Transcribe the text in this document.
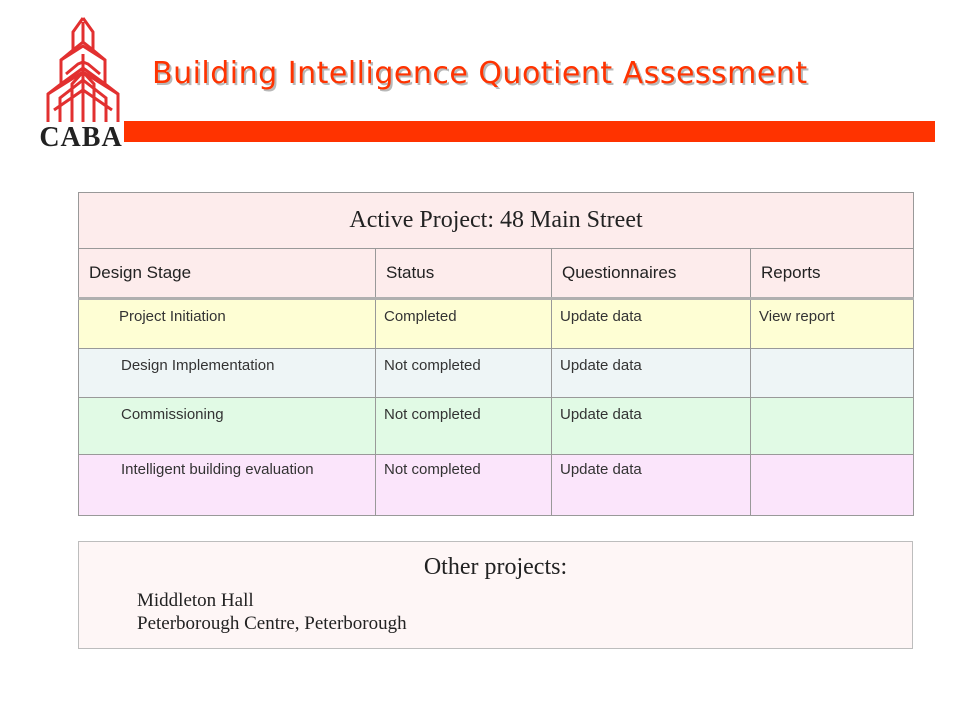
CABA
Building Intelligence Quotient Assessment
Active Project: 48 Main Street			
Design Stage	Status	Questionnaires	Reports
Project Initiation	Completed	Update data	View report
Design Implementation	Not completed	Update data	
Commissioning	Not completed	Update data	
Intelligent building evaluation	Not completed	Update data	
Other projects:
Middleton Hall
Peterborough Centre, Peterborough
